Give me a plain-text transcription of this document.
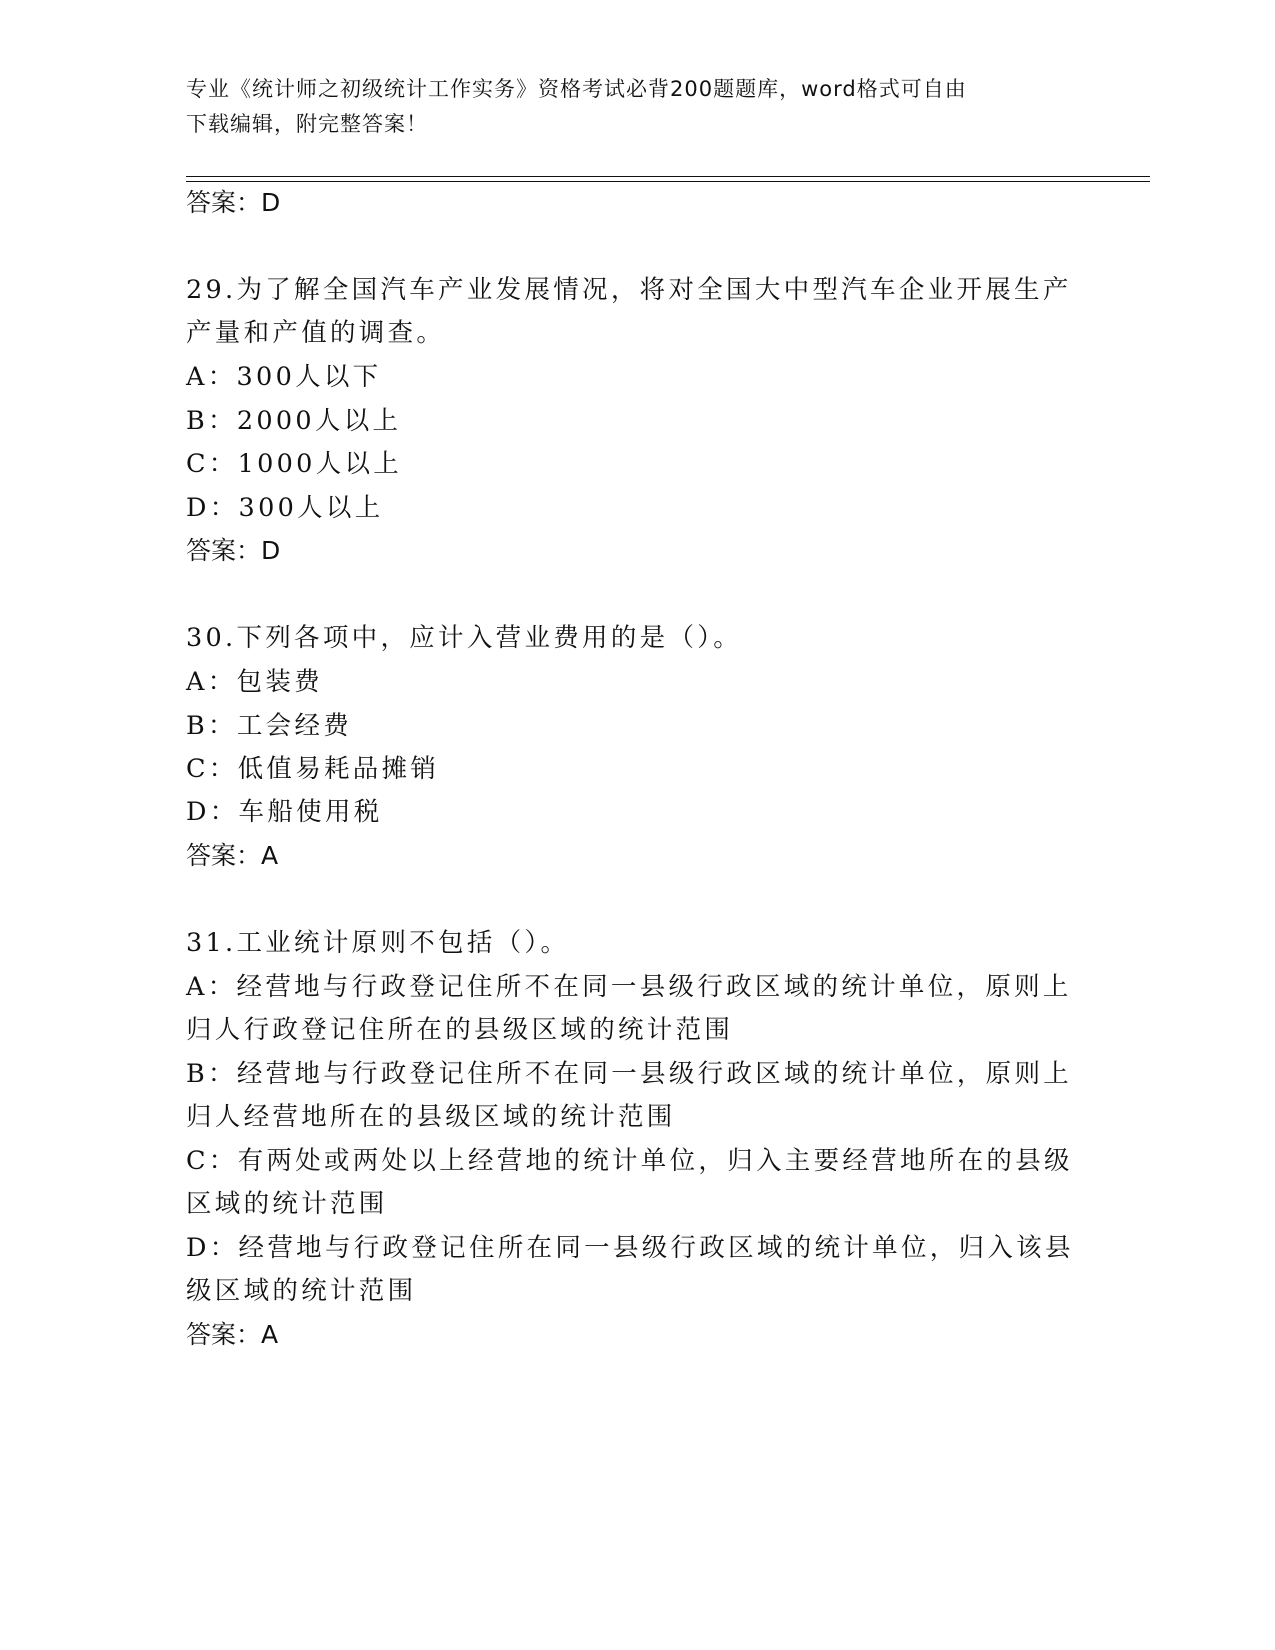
专业《统计师之初级统计工作实务》资格考试必背200题题库，word格式可自由
下载编辑，附完整答案！
答案：D
29.为了解全国汽车产业发展情况，将对全国大中型汽车企业开展生产
产量和产值的调查。
A：300人以下
B：2000人以上
C：1000人以上
D：300人以上
答案：D
30.下列各项中，应计入营业费用的是（）。
A：包装费
B：工会经费
C：低值易耗品摊销
D：车船使用税
答案：A
31.工业统计原则不包括（）。
A：经营地与行政登记住所不在同一县级行政区域的统计单位，原则上
归人行政登记住所在的县级区域的统计范围
B：经营地与行政登记住所不在同一县级行政区域的统计单位，原则上
归人经营地所在的县级区域的统计范围
C：有两处或两处以上经营地的统计单位，归入主要经营地所在的县级
区域的统计范围
D：经营地与行政登记住所在同一县级行政区域的统计单位，归入该县
级区域的统计范围
答案：A
